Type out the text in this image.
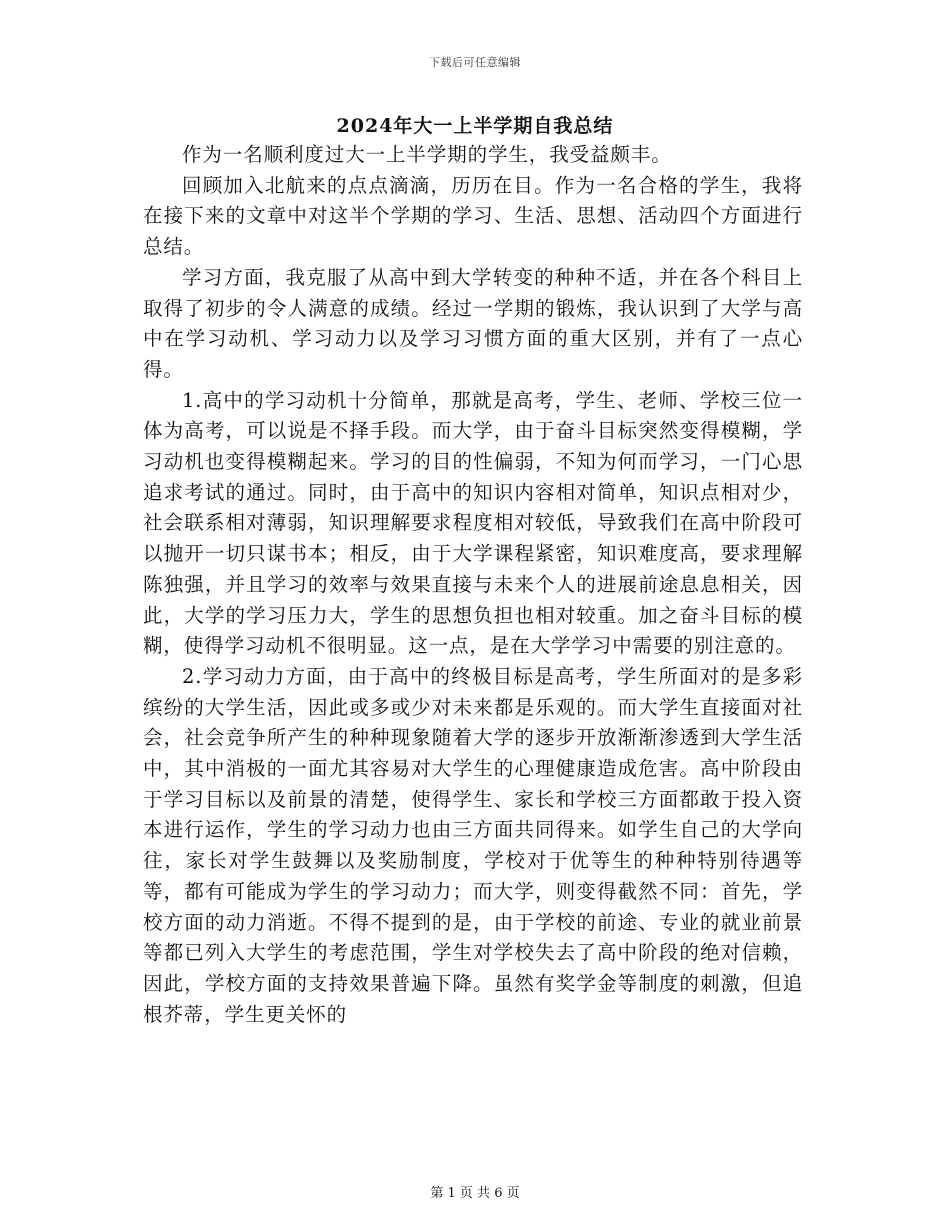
下载后可任意编辑
2024年大一上半学期自我总结

作为一名顺利度过大一上半学期的学生，我受益颇丰。

回顾加入北航来的点点滴滴，历历在目。作为一名合格的学生，我将在接下来的文章中对这半个学期的学习、生活、思想、活动四个方面进行总结。

学习方面，我克服了从高中到大学转变的种种不适，并在各个科目上取得了初步的令人满意的成绩。经过一学期的锻炼，我认识到了大学与高中在学习动机、学习动力以及学习习惯方面的重大区别，并有了一点心得。

1.高中的学习动机十分简单，那就是高考，学生、老师、学校三位一体为高考，可以说是不择手段。而大学，由于奋斗目标突然变得模糊，学习动机也变得模糊起来。学习的目的性偏弱，不知为何而学习，一门心思追求考试的通过。同时，由于高中的知识内容相对简单，知识点相对少，社会联系相对薄弱，知识理解要求程度相对较低，导致我们在高中阶段可以抛开一切只谋书本；相反，由于大学课程紧密，知识难度高，要求理解陈独强，并且学习的效率与效果直接与未来个人的进展前途息息相关，因此，大学的学习压力大，学生的思想负担也相对较重。加之奋斗目标的模糊，使得学习动机不很明显。这一点，是在大学学习中需要的别注意的。

2.学习动力方面，由于高中的终极目标是高考，学生所面对的是多彩缤纷的大学生活，因此或多或少对未来都是乐观的。而大学生直接面对社会，社会竞争所产生的种种现象随着大学的逐步开放渐渐渗透到大学生活中，其中消极的一面尤其容易对大学生的心理健康造成危害。高中阶段由于学习目标以及前景的清楚，使得学生、家长和学校三方面都敢于投入资本进行运作，学生的学习动力也由三方面共同得来。如学生自己的大学向往，家长对学生鼓舞以及奖励制度，学校对于优等生的种种特别待遇等等，都有可能成为学生的学习动力；而大学，则变得截然不同：首先，学校方面的动力消逝。不得不提到的是，由于学校的前途、专业的就业前景等都已列入大学生的考虑范围，学生对学校失去了高中阶段的绝对信赖，因此，学校方面的支持效果普遍下降。虽然有奖学金等制度的刺激，但追根芥蒂，学生更关怀的

第 1 页 共 6 页
